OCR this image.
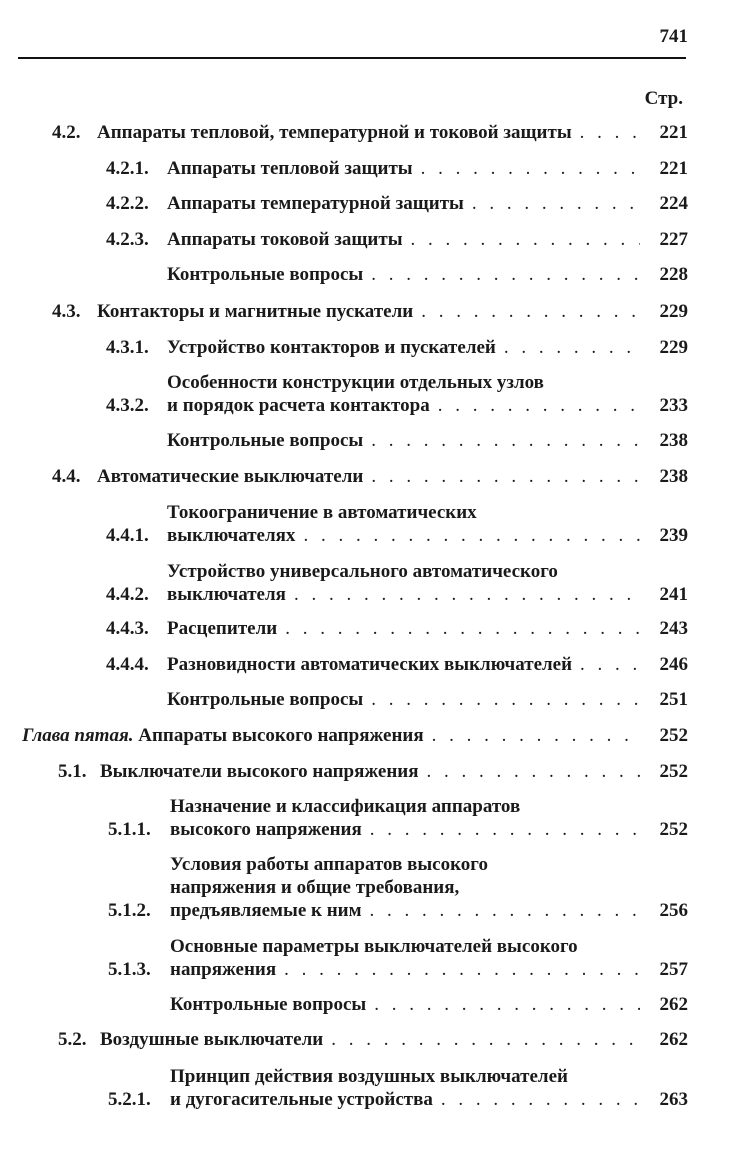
741
Стр.
4.2. Аппараты тепловой, температурной и токовой защиты . . .	221
4.2.1. Аппараты тепловой защиты . . .	221
4.2.2. Аппараты температурной защиты . . .	224
4.2.3. Аппараты токовой защиты . . .	227
Контрольные вопросы . . .	228
4.3. Контакторы и магнитные пускатели . . .	229
4.3.1. Устройство контакторов и пускателей . . .	229
4.3.2.
Особенности конструкции отдельных узлов
и порядок расчета контактора . . .	233
Контрольные вопросы . . .	238
4.4. Автоматические выключатели . . .	238
4.4.1.
Токоограничение в автоматических
выключателях . . .	239
4.4.2.
Устройство универсального автоматического
выключателя . . .	241
4.4.3. Расцепители . . .	243
4.4.4. Разновидности автоматических выключателей . . .	246
Контрольные вопросы . . .	251
Глава пятая. Аппараты высокого напряжения . . .	252
5.1. Выключатели высокого напряжения . . .	252
5.1.1.
Назначение и классификация аппаратов
высокого напряжения . . .	252
5.1.2.
Условия работы аппаратов высокого
напряжения и общие требования,
предъявляемые к ним . . .	256
5.1.3.
Основные параметры выключателей высокого
напряжения . . .	257
Контрольные вопросы . . .	262
5.2. Воздушные выключатели . . .	262
5.2.1.
Принцип действия воздушных выключателей
и дугогасительные устройства . . .	263
